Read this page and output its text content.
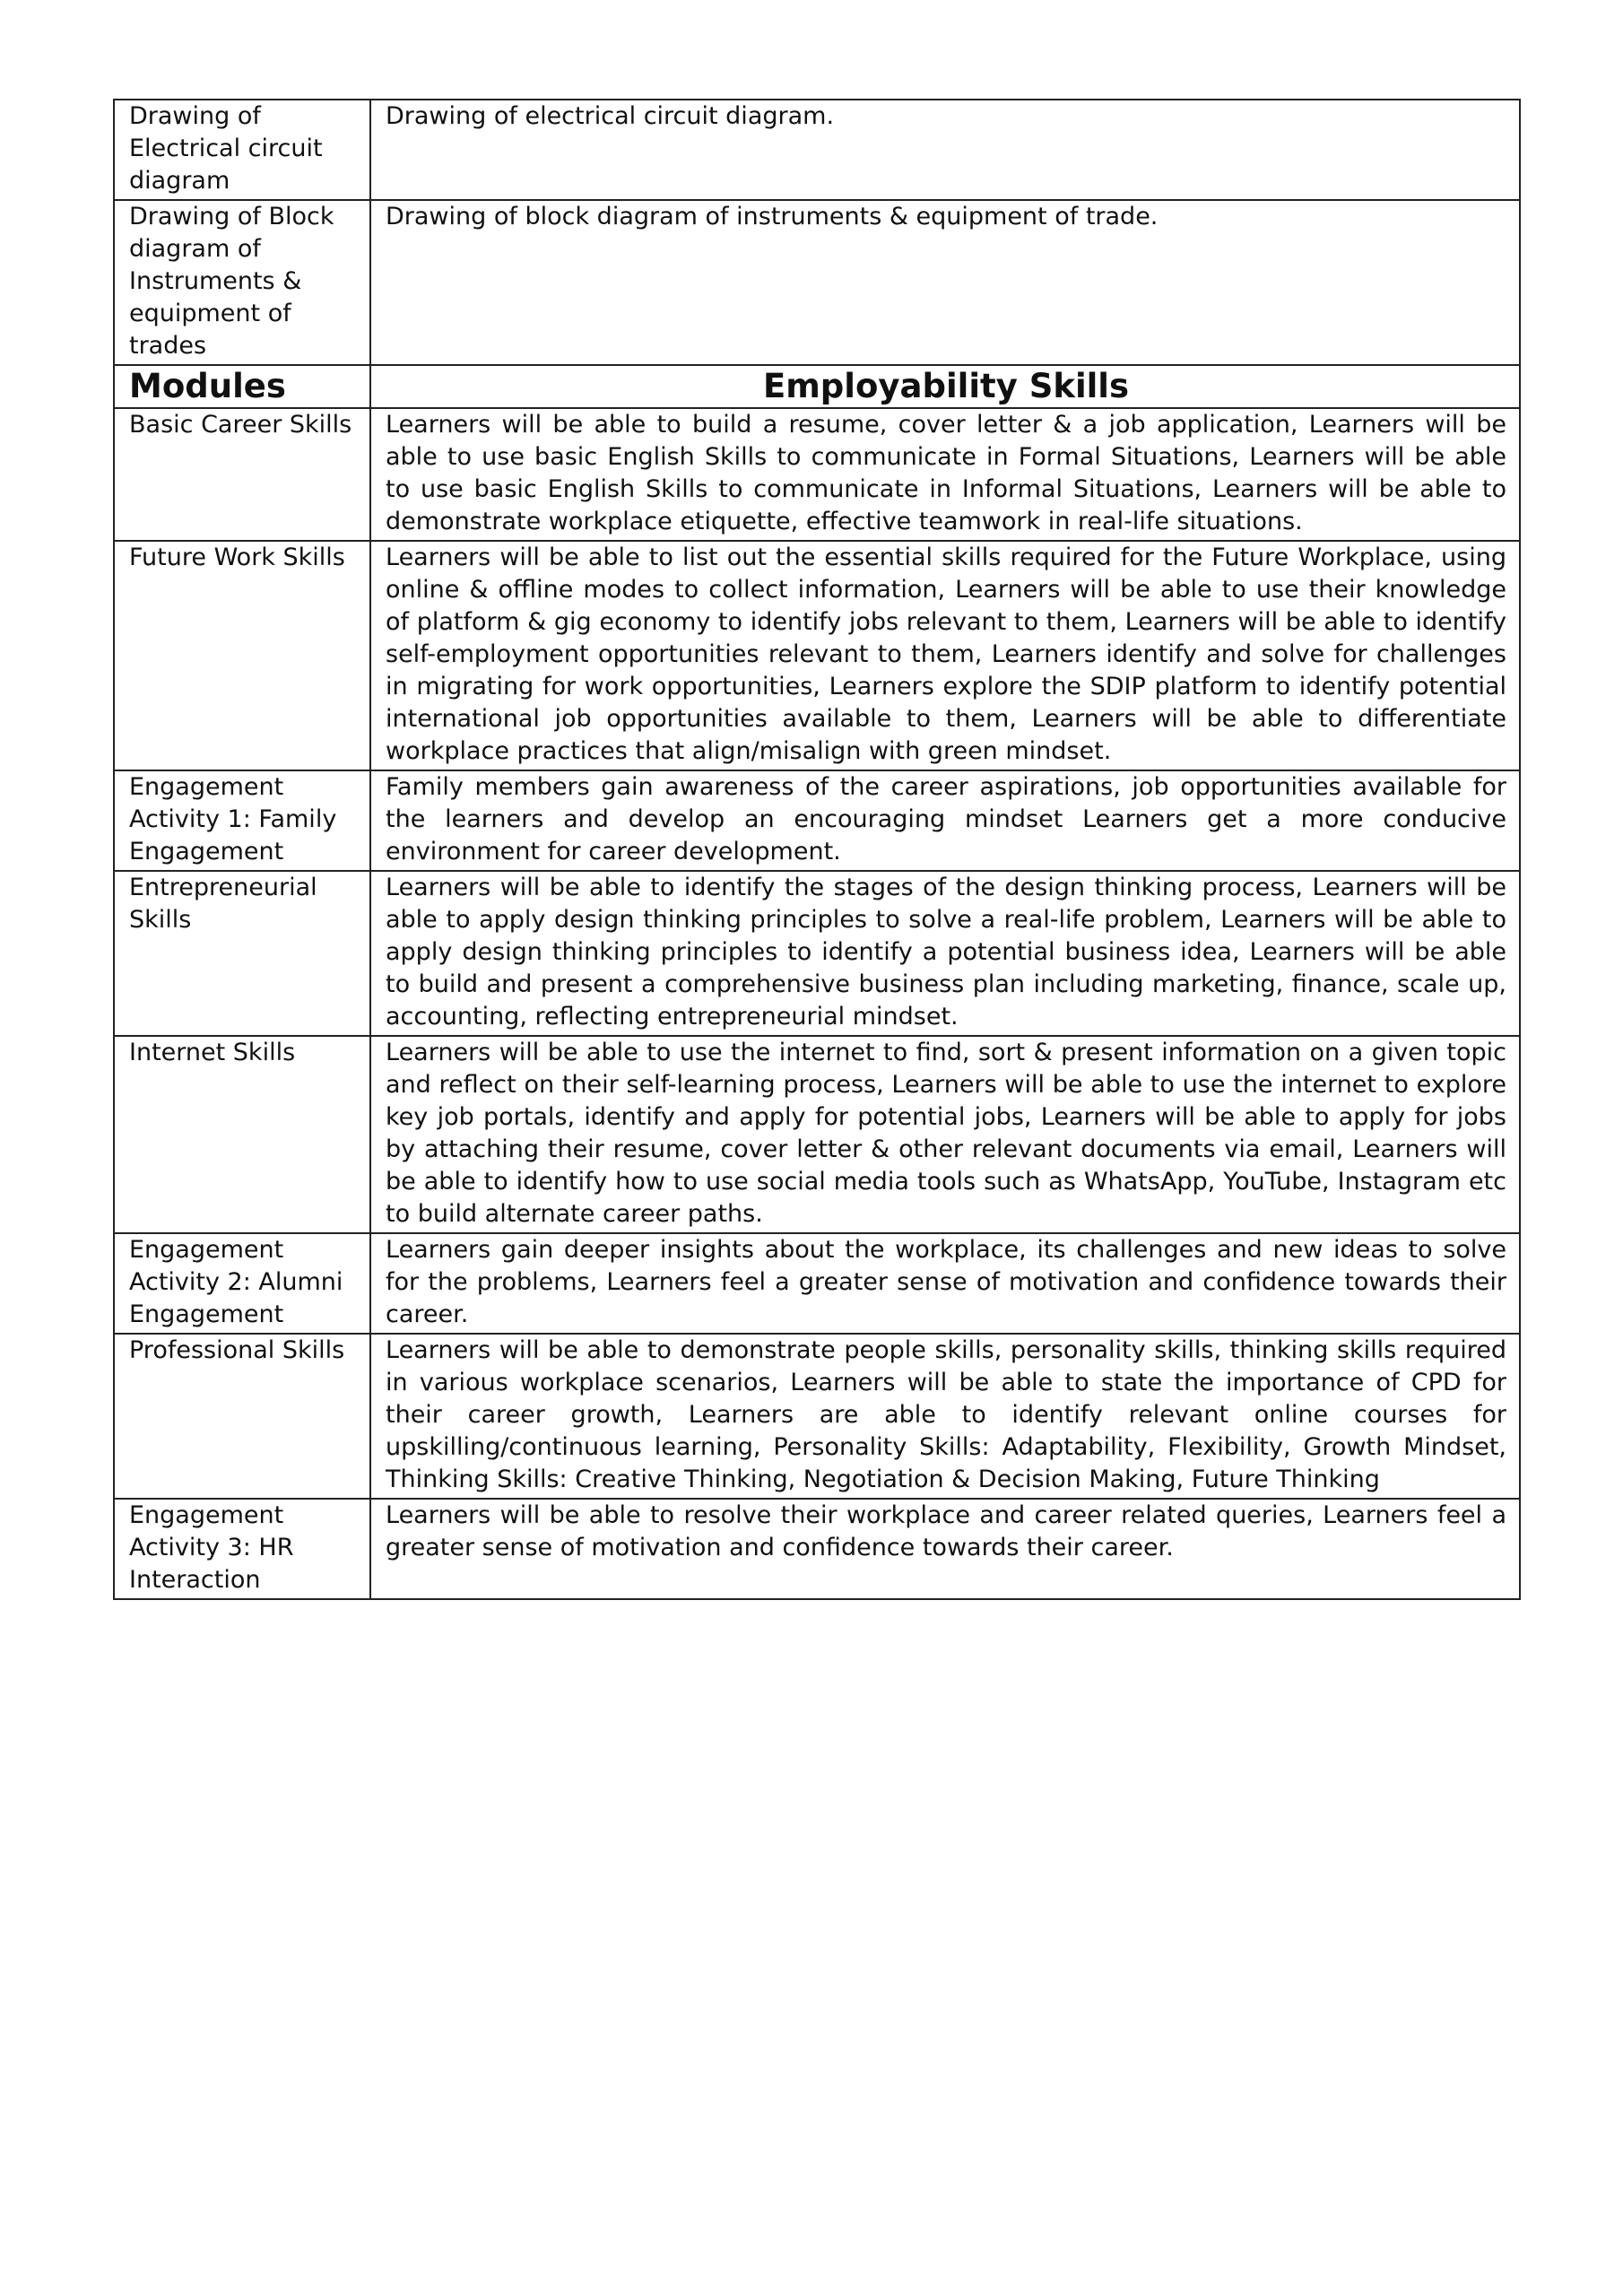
Drawing of Electrical circuit diagram	Drawing of electrical circuit diagram.
Drawing of Block diagram of Instruments & equipment of trades	Drawing of block diagram of instruments & equipment of trade.
Modules	Employability Skills
Basic Career Skills	Learners will be able to build a resume, cover letter & a job application, Learners will be able to use basic English Skills to communicate in Formal Situations, Learners will be able to use basic English Skills to communicate in Informal Situations, Learners will be able to demonstrate workplace etiquette, effective teamwork in real-life situations.
Future Work Skills	Learners will be able to list out the essential skills required for the Future Workplace, using online & offline modes to collect information, Learners will be able to use their knowledge of platform & gig economy to identify jobs relevant to them, Learners will be able to identify self-employment opportunities relevant to them, Learners identify and solve for challenges in migrating for work opportunities, Learners explore the SDIP platform to identify potential international job opportunities available to them, Learners will be able to differentiate workplace practices that align/misalign with green mindset.
Engagement Activity 1: Family Engagement	Family members gain awareness of the career aspirations, job opportunities available for the learners and develop an encouraging mindset Learners get a more conducive environment for career development.
Entrepreneurial Skills	Learners will be able to identify the stages of the design thinking process, Learners will be able to apply design thinking principles to solve a real-life problem, Learners will be able to apply design thinking principles to identify a potential business idea, Learners will be able to build and present a comprehensive business plan including marketing, finance, scale up, accounting, reflecting entrepreneurial mindset.
Internet Skills	Learners will be able to use the internet to find, sort & present information on a given topic and reflect on their self-learning process, Learners will be able to use the internet to explore key job portals, identify and apply for potential jobs, Learners will be able to apply for jobs by attaching their resume, cover letter & other relevant documents via email, Learners will be able to identify how to use social media tools such as WhatsApp, YouTube, Instagram etc to build alternate career paths.
Engagement Activity 2: Alumni Engagement	Learners gain deeper insights about the workplace, its challenges and new ideas to solve for the problems, Learners feel a greater sense of motivation and confidence towards their career.
Professional Skills	Learners will be able to demonstrate people skills, personality skills, thinking skills required in various workplace scenarios, Learners will be able to state the importance of CPD for their career growth, Learners are able to identify relevant online courses for upskilling/continuous learning, Personality Skills: Adaptability, Flexibility, Growth Mindset, Thinking Skills: Creative Thinking, Negotiation & Decision Making, Future Thinking
Engagement Activity 3: HR Interaction	Learners will be able to resolve their workplace and career related queries, Learners feel a greater sense of motivation and confidence towards their career.
